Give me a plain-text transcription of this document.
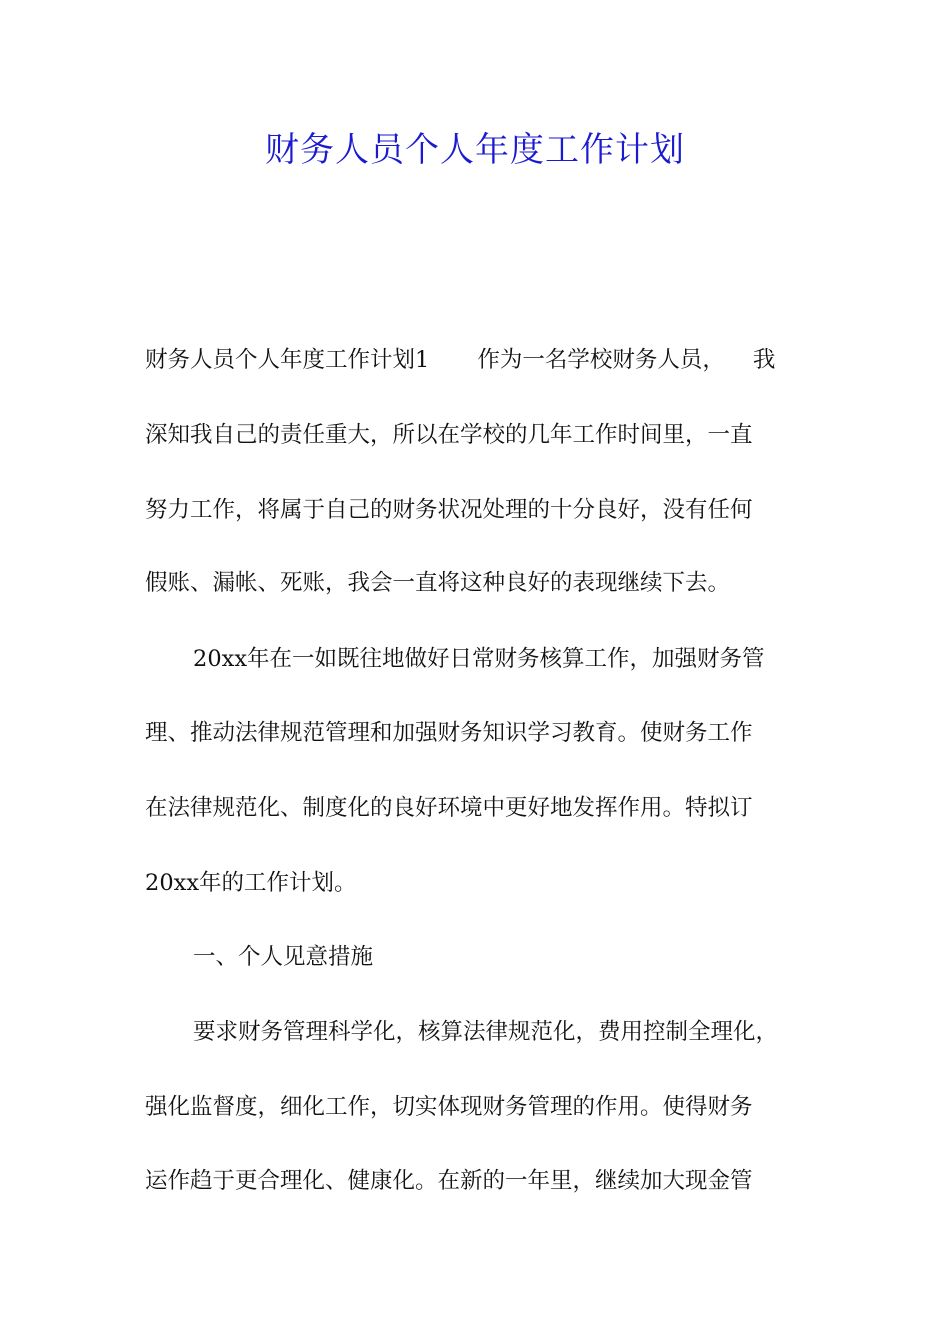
财务人员个人年度工作计划
财务人员个人年度工作计划1 作为一名学校财务人员， 我
深知我自己的责任重大，所以在学校的几年工作时间里，一直
努力工作，将属于自己的财务状况处理的十分良好，没有任何
假账、漏帐、死账，我会一直将这种良好的表现继续下去。
20xx年在一如既往地做好日常财务核算工作，加强财务管
理、推动法律规范管理和加强财务知识学习教育。使财务工作
在法律规范化、制度化的良好环境中更好地发挥作用。特拟订
20xx年的工作计划。
一、个人见意措施
要求财务管理科学化，核算法律规范化，费用控制全理化，
强化监督度，细化工作，切实体现财务管理的作用。使得财务
运作趋于更合理化、健康化。在新的一年里，继续加大现金管
